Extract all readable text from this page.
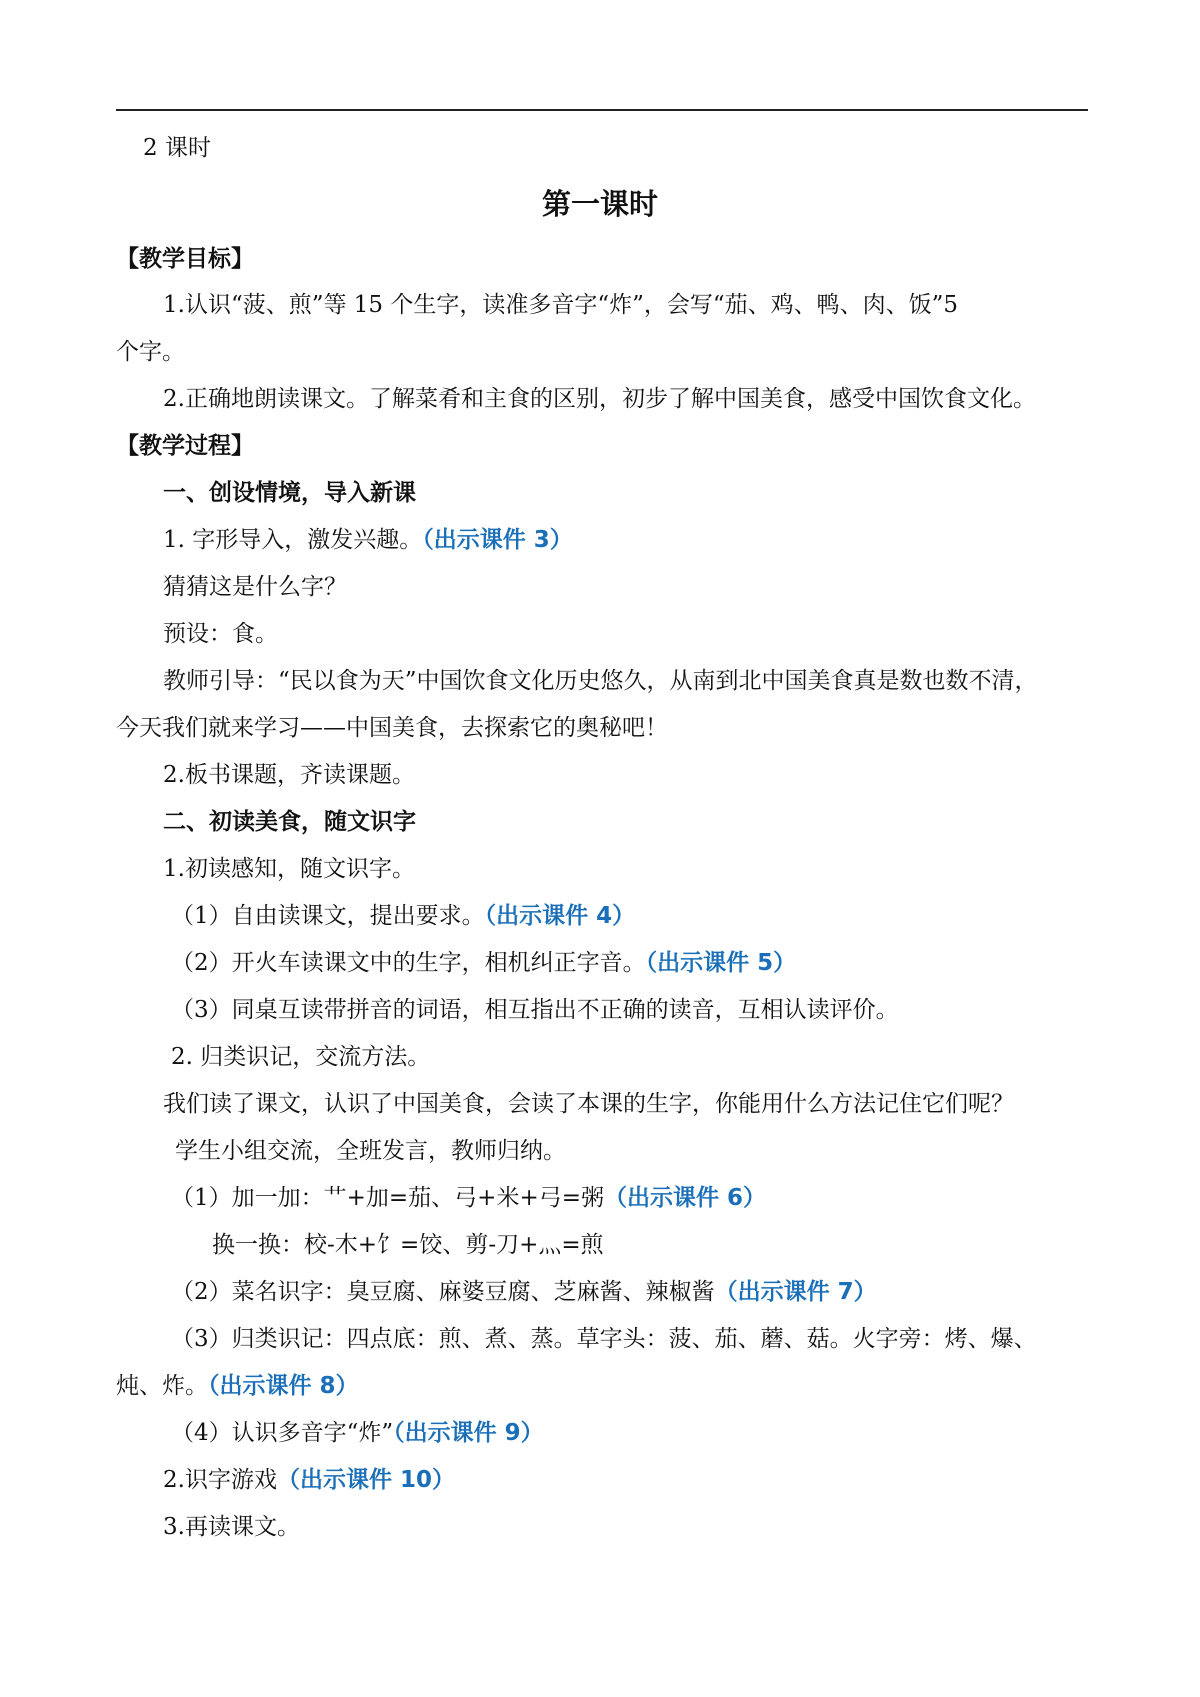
2 课时
第一课时
【教学目标】
1.认识“菠、煎”等 15 个生字，读准多音字“炸”，会写“茄、鸡、鸭、肉、饭”5
个字。
2.正确地朗读课文。了解菜肴和主食的区别，初步了解中国美食，感受中国饮食文化。
【教学过程】
一、创设情境，导入新课
1. 字形导入，激发兴趣。（出示课件 3）
猜猜这是什么字？
预设：食。
教师引导：“民以食为天”中国饮食文化历史悠久，从南到北中国美食真是数也数不清，
今天我们就来学习——中国美食，去探索它的奥秘吧！
2.板书课题，齐读课题。
二、初读美食，随文识字
1.初读感知，随文识字。
（1）自由读课文，提出要求。（出示课件 4）
（2）开火车读课文中的生字，相机纠正字音。（出示课件 5）
（3）同桌互读带拼音的词语，相互指出不正确的读音，互相认读评价。
2. 归类识记，交流方法。
我们读了课文，认识了中国美食，会读了本课的生字，你能用什么方法记住它们呢？
学生小组交流，全班发言，教师归纳。
（1）加一加：艹+加=茄、弓+米+弓=粥（出示课件 6）
换一换：校-木+饣=饺、剪-刀+灬=煎
（2）菜名识字：臭豆腐、麻婆豆腐、芝麻酱、辣椒酱（出示课件 7）
（3）归类识记：四点底：煎、煮、蒸。草字头：菠、茄、蘑、菇。火字旁：烤、爆、
炖、炸。（出示课件 8）
（4）认识多音字“炸”（出示课件 9）
2.识字游戏（出示课件 10）
3.再读课文。
